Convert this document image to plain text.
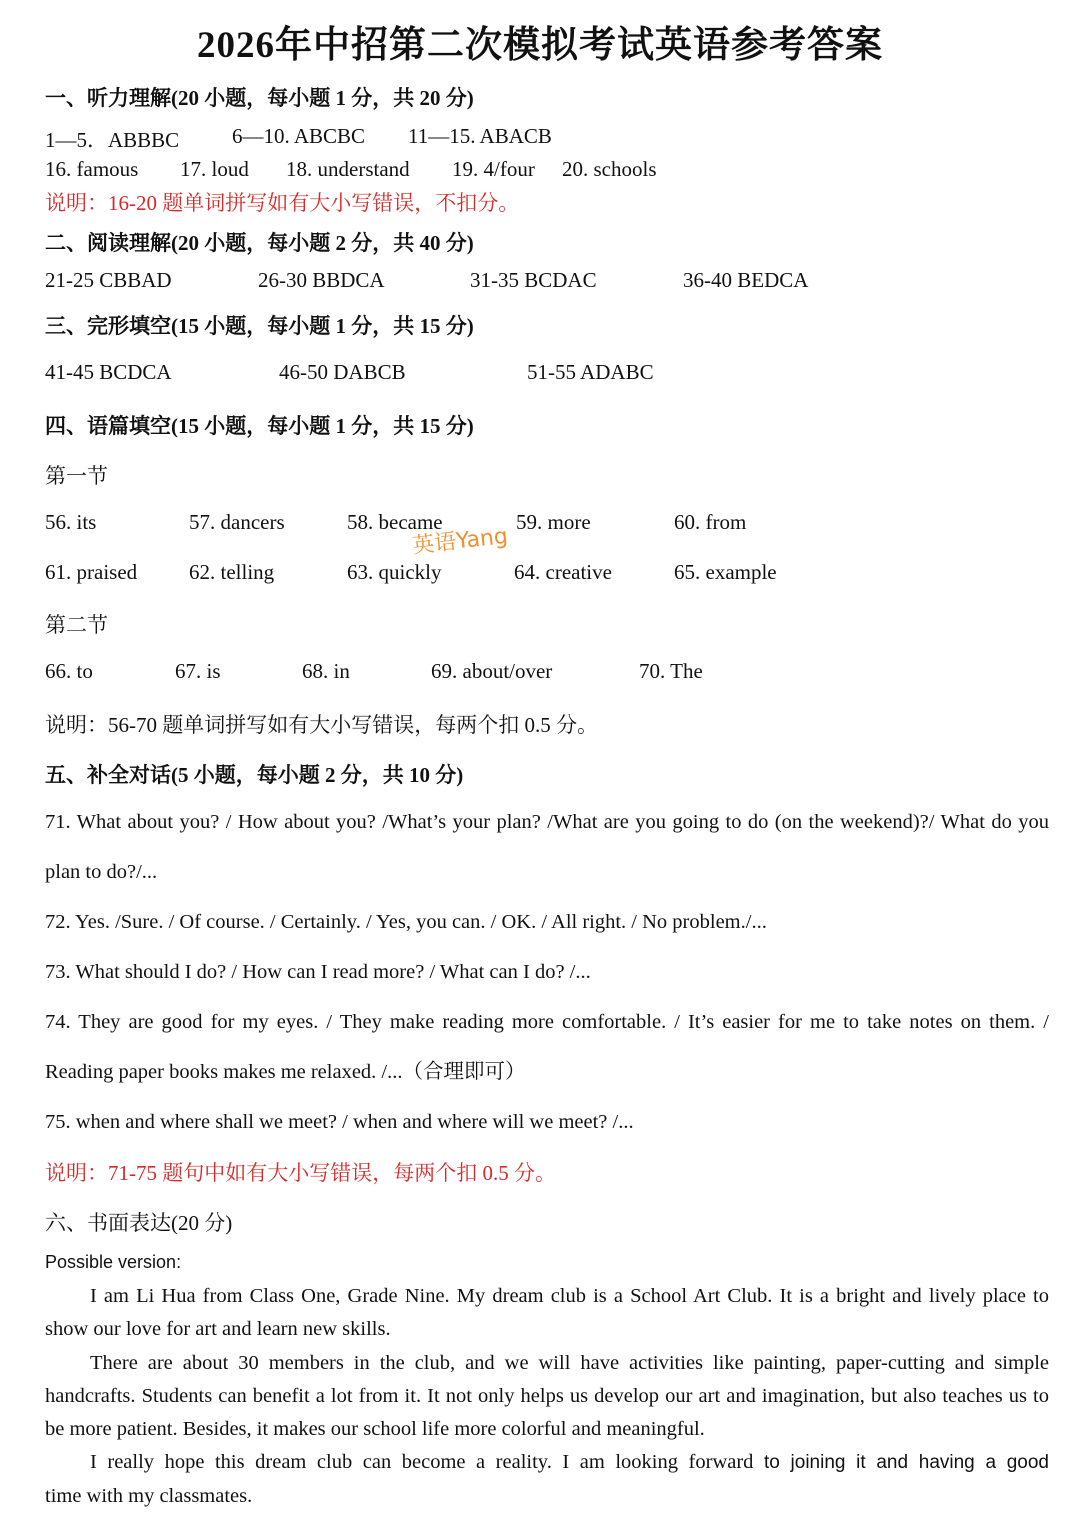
2026年中招第二次模拟考试英语参考答案
一、听力理解(20 小题，每小题 1 分，共 20 分)
1—5．ABBBC	6—10. ABCBC 11—15. ABACB
16. famous 17. loud 18. understand 19. 4/four 20. schools
说明：16-20 题单词拼写如有大小写错误，不扣分。
二、阅读理解(20 小题，每小题 2 分，共 40 分)
21-25 CBBAD	26-30 BBDCA	31-35 BCDAC	36-40 BEDCA
三、完形填空(15 小题，每小题 1 分，共 15 分)
41-45 BCDCA	46-50 DABCB	51-55 ADABC
四、语篇填空(15 小题，每小题 1 分，共 15 分)
第一节
56. its	57. dancers	58. became	59. more	60. from
英语Yang
61. praised 62. telling	63. quickly	64. creative	65. example
第二节
66. to	67. is	68. in	69. about/over	70. The
说明：56-70 题单词拼写如有大小写错误，每两个扣 0.5 分。
五、补全对话(5 小题，每小题 2 分，共 10 分)
71. What about you? / How about you? /What’s your plan? /What are you going to do (on the weekend)?/ What do you plan to do?/...
72. Yes. /Sure. / Of course. / Certainly. / Yes, you can. / OK. / All right. / No problem./...
73. What should I do? / How can I read more? / What can I do? /...
74. They are good for my eyes. / They make reading more comfortable. / It’s easier for me to take notes on them. / Reading paper books makes me relaxed. /...（合理即可）
75. when and where shall we meet? / when and where will we meet? /...
说明：71-75 题句中如有大小写错误，每两个扣 0.5 分。
六、书面表达(20 分)
Possible version:

I am Li Hua from Class One, Grade Nine. My dream club is a School Art Club. It is a bright and lively place to show our love for art and learn new skills.

There are about 30 members in the club, and we will have activities like painting, paper-cutting and simple handcrafts. Students can benefit a lot from it. It not only helps us develop our art and imagination, but also teaches us to be more patient. Besides, it makes our school life more colorful and meaningful.

I really hope this dream club can become a reality. I am looking forward to joining it and having a good

time with my classmates.
